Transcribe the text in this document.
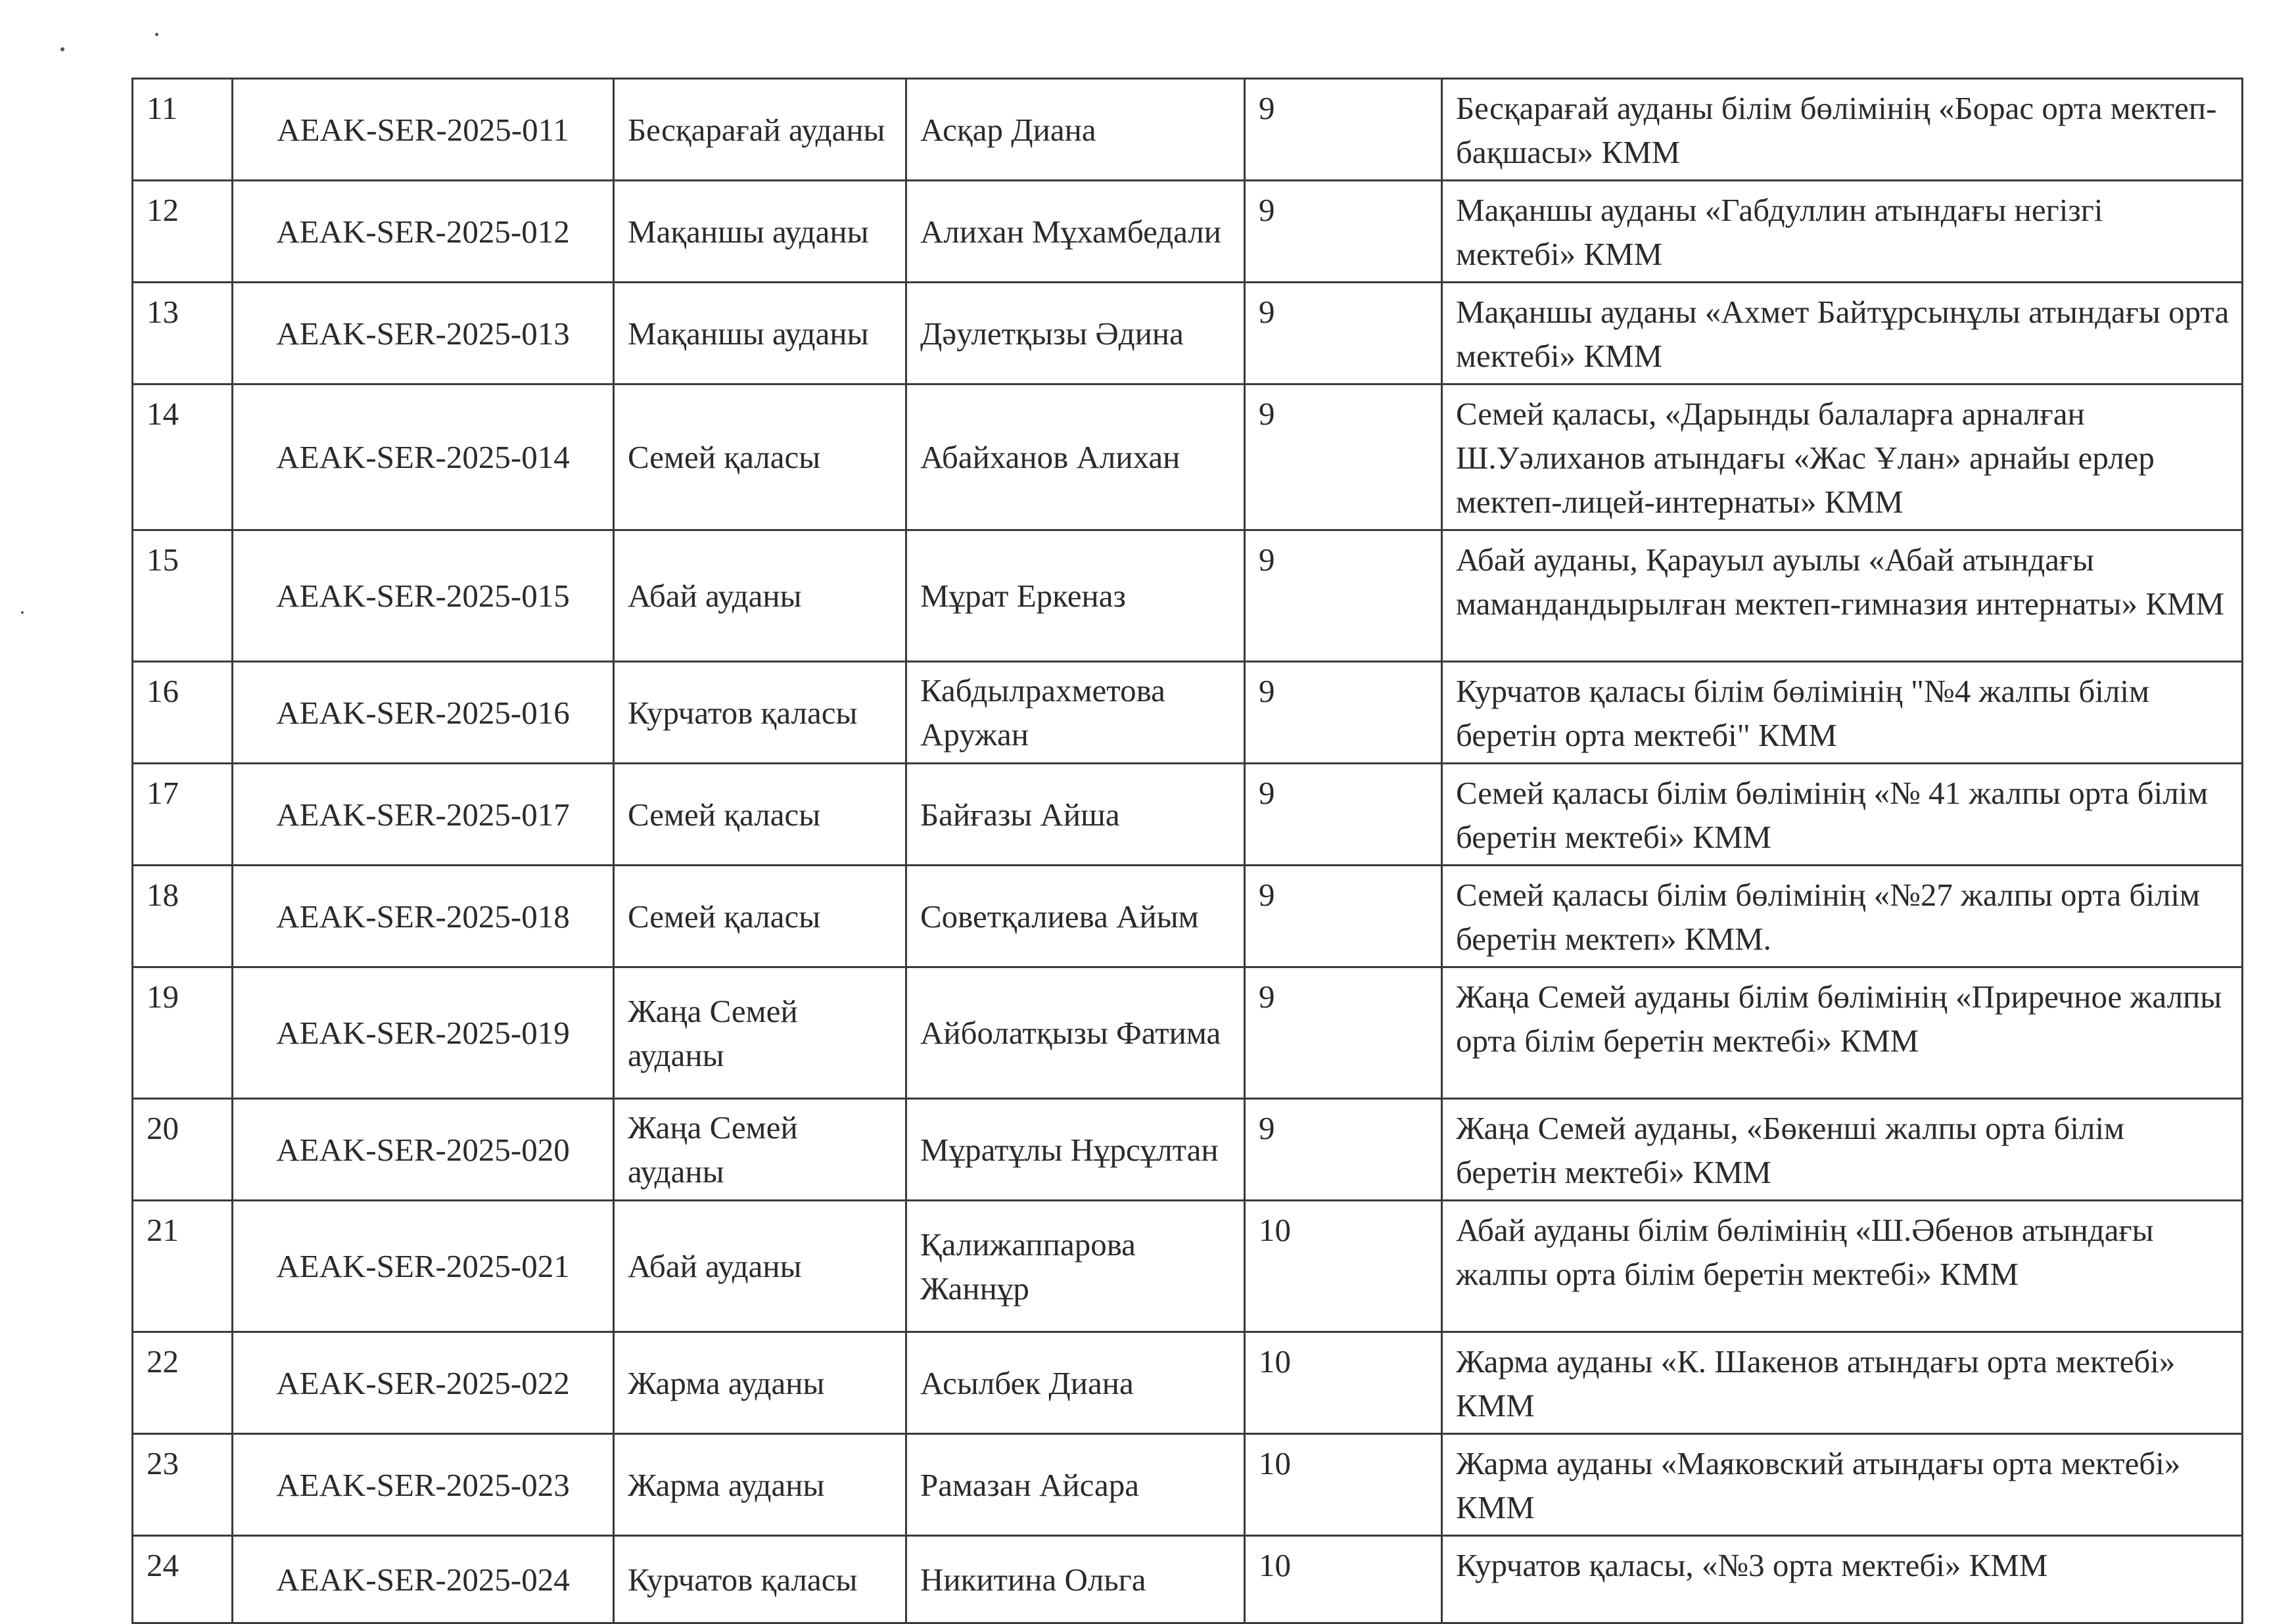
11	AEAK-SER-2025-011	Бесқарағай ауданы	Асқар Диана	9	Бесқарағай ауданы білім бөлімінің «Борас орта мектеп-бақшасы» КММ
12	AEAK-SER-2025-012	Мақаншы ауданы	Алихан Мұхамбедали	9	Мақаншы ауданы «Габдуллин атындағы негізгі мектебі» КММ
13	AEAK-SER-2025-013	Мақаншы ауданы	Дәулетқызы Әдина	9	Мақаншы ауданы «Ахмет Байтұрсынұлы атындағы орта мектебі» КММ
14	AEAK-SER-2025-014	Семей қаласы	Абайханов Алихан	9	Семей қаласы, «Дарынды балаларға арналған Ш.Уәлиханов атындағы «Жас Ұлан» арнайы ерлер мектеп-лицей-интернаты» КММ
15	AEAK-SER-2025-015	Абай ауданы	Мұрат Еркеназ	9	Абай ауданы, Қарауыл ауылы «Абай атындағы мамандандырылған мектеп-гимназия интернаты» КММ
16	AEAK-SER-2025-016	Курчатов қаласы	Кабдылрахметова Аружан	9	Курчатов қаласы білім бөлімінің "№4 жалпы білім беретін орта мектебі" КММ
17	AEAK-SER-2025-017	Семей қаласы	Байғазы Айша	9	Семей қаласы білім бөлімінің «№ 41 жалпы орта білім беретін мектебі» КММ
18	AEAK-SER-2025-018	Семей қаласы	Советқалиева Айым	9	Семей қаласы білім бөлімінің «№27 жалпы орта білім беретін мектеп» КММ.
19	AEAK-SER-2025-019	Жаңа Семей ауданы	Айболатқызы Фатима	9	Жаңа Семей ауданы білім бөлімінің «Приречное жалпы орта білім беретін мектебі» КММ
20	AEAK-SER-2025-020	Жаңа Семей ауданы	Мұратұлы Нұрсұлтан	9	Жаңа Семей ауданы, «Бөкенші жалпы орта білім беретін мектебі» КММ
21	AEAK-SER-2025-021	Абай ауданы	Қалижаппарова Жаннұр	10	Абай ауданы білім бөлімінің «Ш.Әбенов атындағы жалпы орта білім беретін мектебі» КММ
22	AEAK-SER-2025-022	Жарма ауданы	Асылбек Диана	10	Жарма ауданы «К. Шакенов атындағы орта мектебі» КММ
23	AEAK-SER-2025-023	Жарма ауданы	Рамазан Айсара	10	Жарма ауданы «Маяковский атындағы орта мектебі» КММ
24	AEAK-SER-2025-024	Курчатов қаласы	Никитина Ольга	10	Курчатов қаласы, «№3 орта мектебі» КММ
